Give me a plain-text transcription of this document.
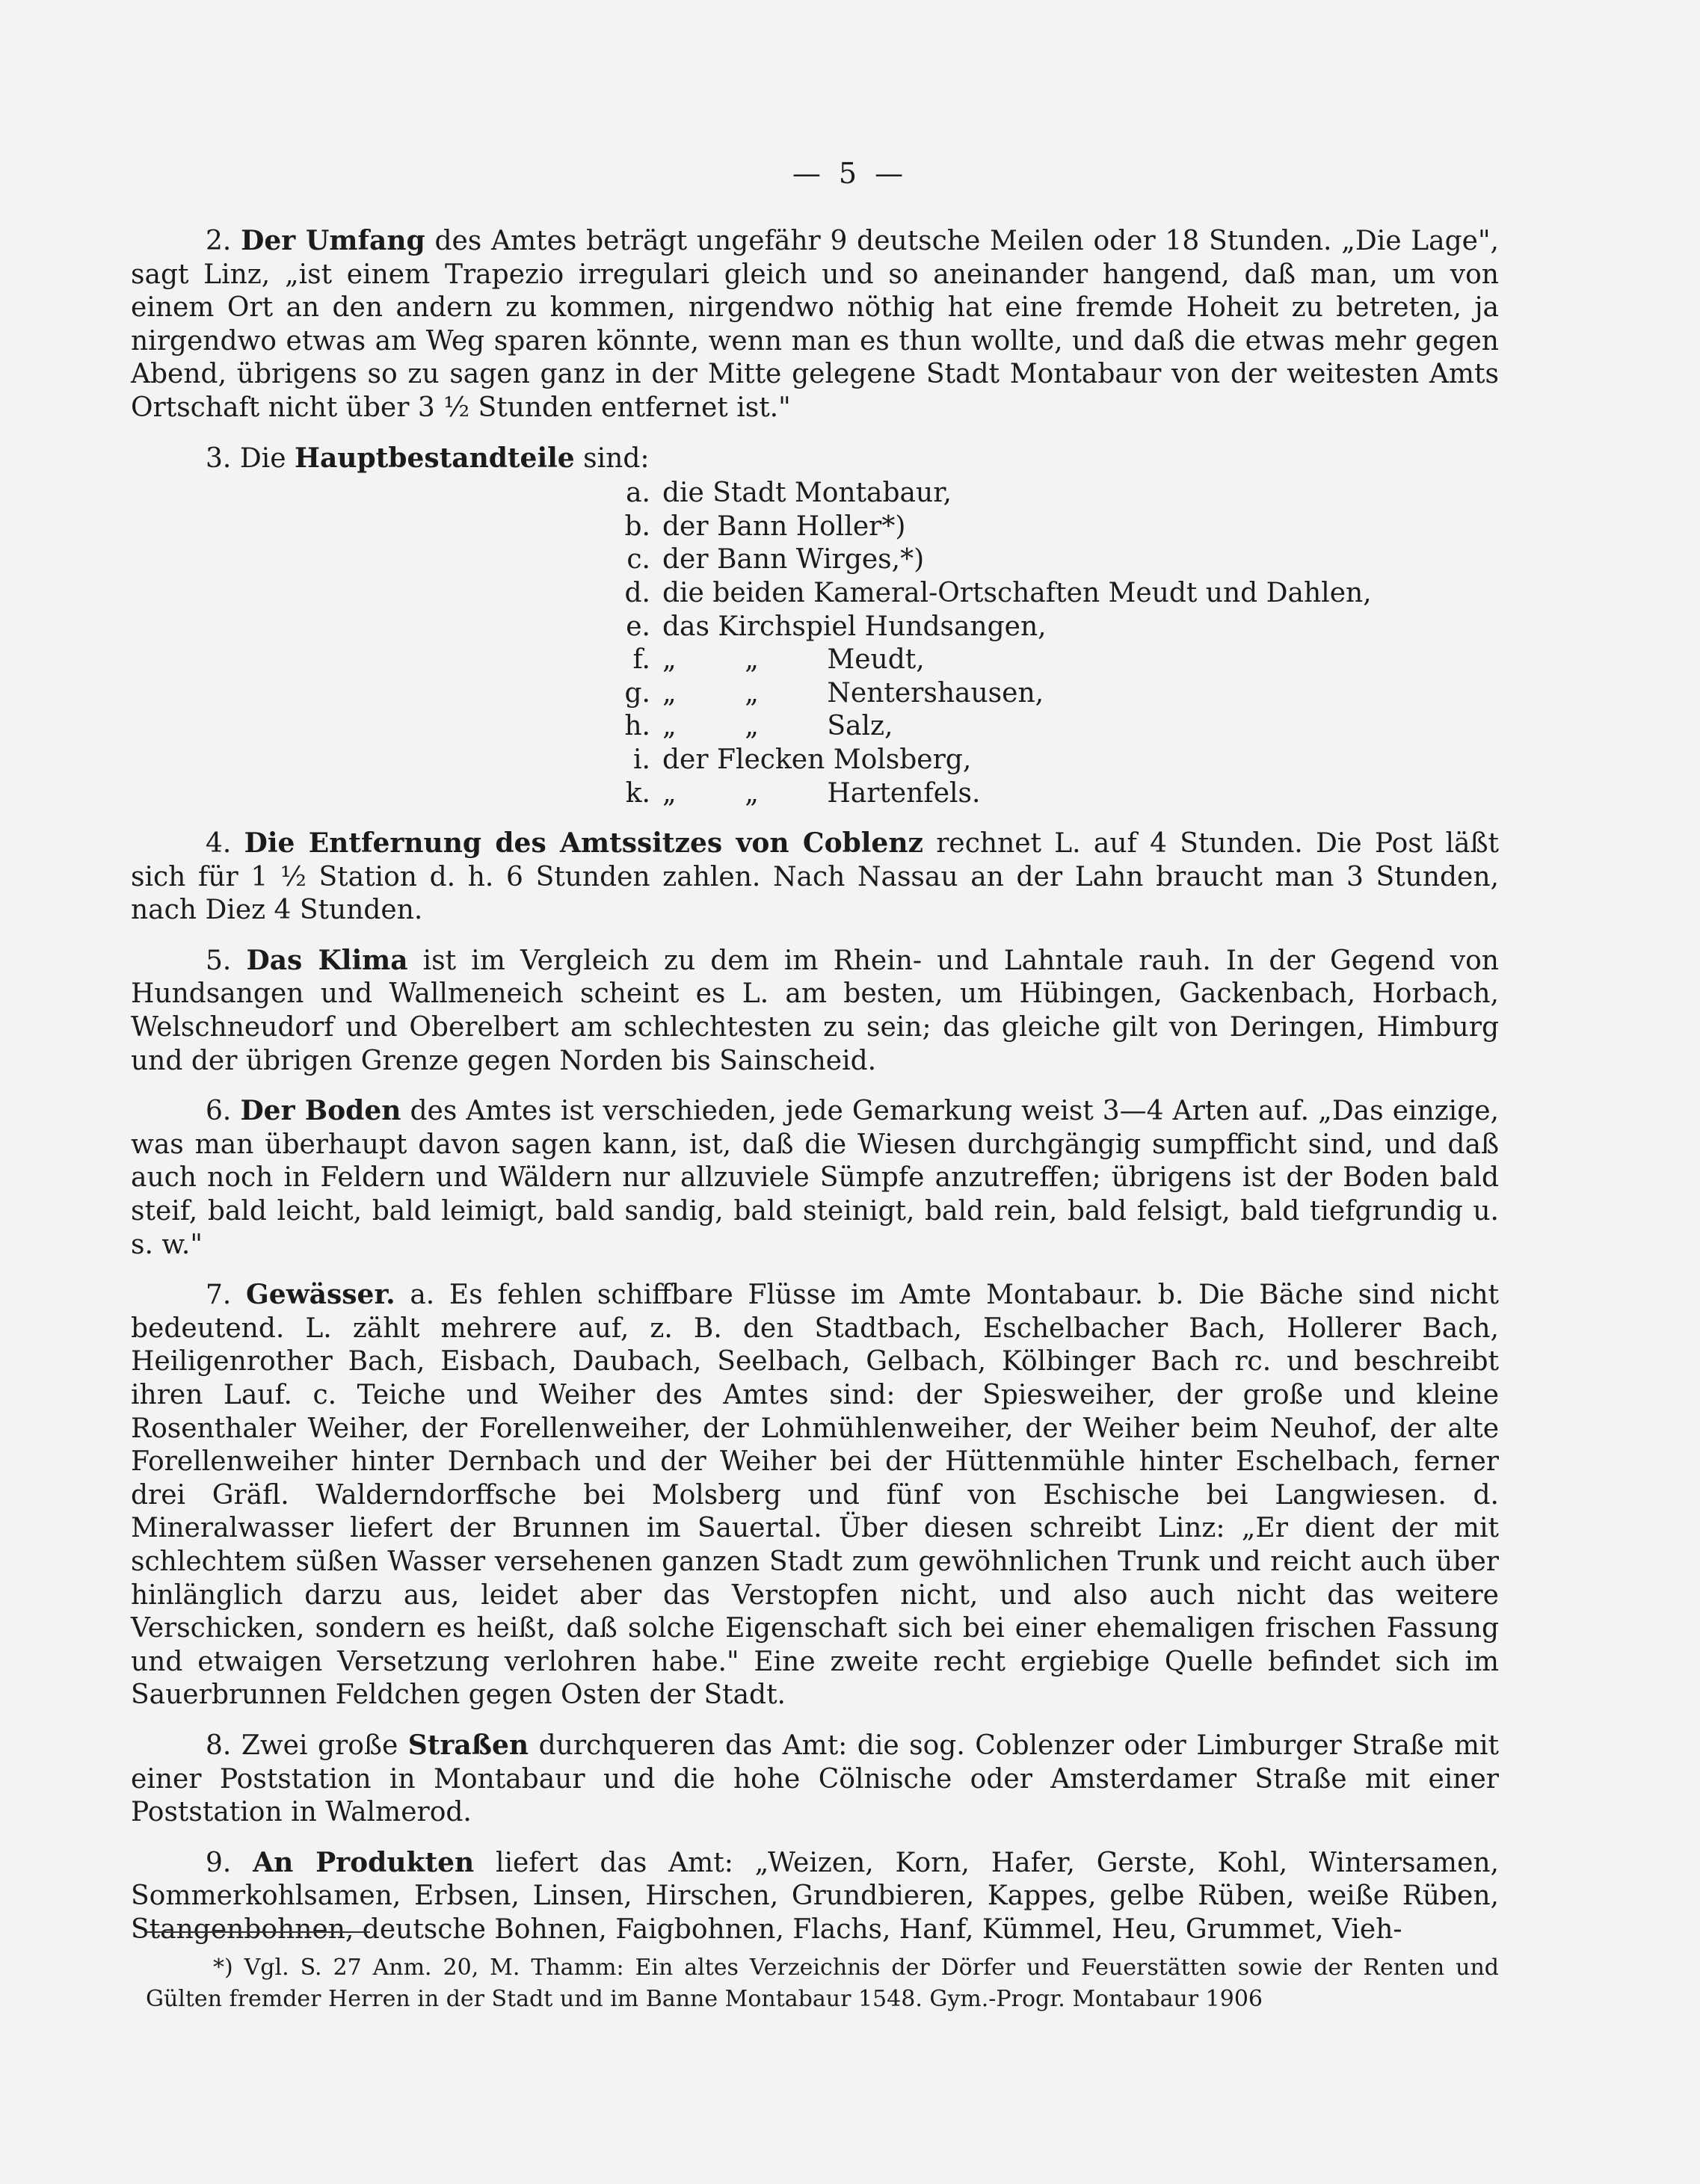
— 5 —

2. Der Umfang des Amtes beträgt ungefähr 9 deutsche Meilen oder 18 Stunden. „Die Lage", sagt Linz, „ist einem Trapezio irregulari gleich und so aneinander hangend, daß man, um von einem Ort an den andern zu kommen, nirgendwo nöthig hat eine fremde Hoheit zu betreten, ja nirgendwo etwas am Weg sparen könnte, wenn man es thun wollte, und daß die etwas mehr gegen Abend, übrigens so zu sagen ganz in der Mitte gelegene Stadt Montabaur von der weitesten Amts Ortschaft nicht über 3 ½ Stunden entfernet ist."

3. Die Hauptbestandteile sind:

a. die Stadt Montabaur,
b. der Bann Holler*)
c. der Bann Wirges,*)
d. die beiden Kameral-Ortschaften Meudt und Dahlen,
e. das Kirchspiel Hundsangen,
f. „        „        Meudt,
g. „        „        Nentershausen,
h. „        „        Salz,
i. der Flecken Molsberg,
k. „        „        Hartenfels.

4. Die Entfernung des Amtssitzes von Coblenz rechnet L. auf 4 Stunden. Die Post läßt sich für 1 ½ Station d. h. 6 Stunden zahlen. Nach Nassau an der Lahn braucht man 3 Stunden, nach Diez 4 Stunden.

5. Das Klima ist im Vergleich zu dem im Rhein- und Lahntale rauh. In der Gegend von Hundsangen und Wallmeneich scheint es L. am besten, um Hübingen, Gackenbach, Horbach, Welschneudorf und Oberelbert am schlechtesten zu sein; das gleiche gilt von Deringen, Himburg und der übrigen Grenze gegen Norden bis Sainscheid.

6. Der Boden des Amtes ist verschieden, jede Gemarkung weist 3—4 Arten auf. „Das einzige, was man überhaupt davon sagen kann, ist, daß die Wiesen durchgängig sumpfficht sind, und daß auch noch in Feldern und Wäldern nur allzuviele Sümpfe anzutreffen; übrigens ist der Boden bald steif, bald leicht, bald leimigt, bald sandig, bald steinigt, bald rein, bald felsigt, bald tiefgrundig u. s. w."

7. Gewässer. a. Es fehlen schiffbare Flüsse im Amte Montabaur. b. Die Bäche sind nicht bedeutend. L. zählt mehrere auf, z. B. den Stadtbach, Eschelbacher Bach, Hollerer Bach, Heiligenrother Bach, Eisbach, Daubach, Seelbach, Gelbach, Kölbinger Bach rc. und beschreibt ihren Lauf. c. Teiche und Weiher des Amtes sind: der Spiesweiher, der große und kleine Rosenthaler Weiher, der Forellenweiher, der Lohmühlenweiher, der Weiher beim Neuhof, der alte Forellenweiher hinter Dernbach und der Weiher bei der Hüttenmühle hinter Eschelbach, ferner drei Gräfl. Walderndorffsche bei Molsberg und fünf von Eschische bei Langwiesen. d. Mineralwasser liefert der Brunnen im Sauertal. Über diesen schreibt Linz: „Er dient der mit schlechtem süßen Wasser versehenen ganzen Stadt zum gewöhnlichen Trunk und reicht auch über hinlänglich darzu aus, leidet aber das Verstopfen nicht, und also auch nicht das weitere Verschicken, sondern es heißt, daß solche Eigenschaft sich bei einer ehemaligen frischen Fassung und etwaigen Versetzung verlohren habe." Eine zweite recht ergiebige Quelle befindet sich im Sauerbrunnen Feldchen gegen Osten der Stadt.

8. Zwei große Straßen durchqueren das Amt: die sog. Coblenzer oder Limburger Straße mit einer Poststation in Montabaur und die hohe Cölnische oder Amsterdamer Straße mit einer Poststation in Walmerod.

9. An Produkten liefert das Amt: „Weizen, Korn, Hafer, Gerste, Kohl, Wintersamen, Sommerkohlsamen, Erbsen, Linsen, Hirschen, Grundbieren, Kappes, gelbe Rüben, weiße Rüben, Stangenbohnen, deutsche Bohnen, Faigbohnen, Flachs, Hanf, Kümmel, Heu, Grummet, Vieh-

*) Vgl. S. 27 Anm. 20, M. Thamm: Ein altes Verzeichnis der Dörfer und Feuerstätten sowie der Renten und Gülten fremder Herren in der Stadt und im Banne Montabaur 1548. Gym.-Progr. Montabaur 1906
